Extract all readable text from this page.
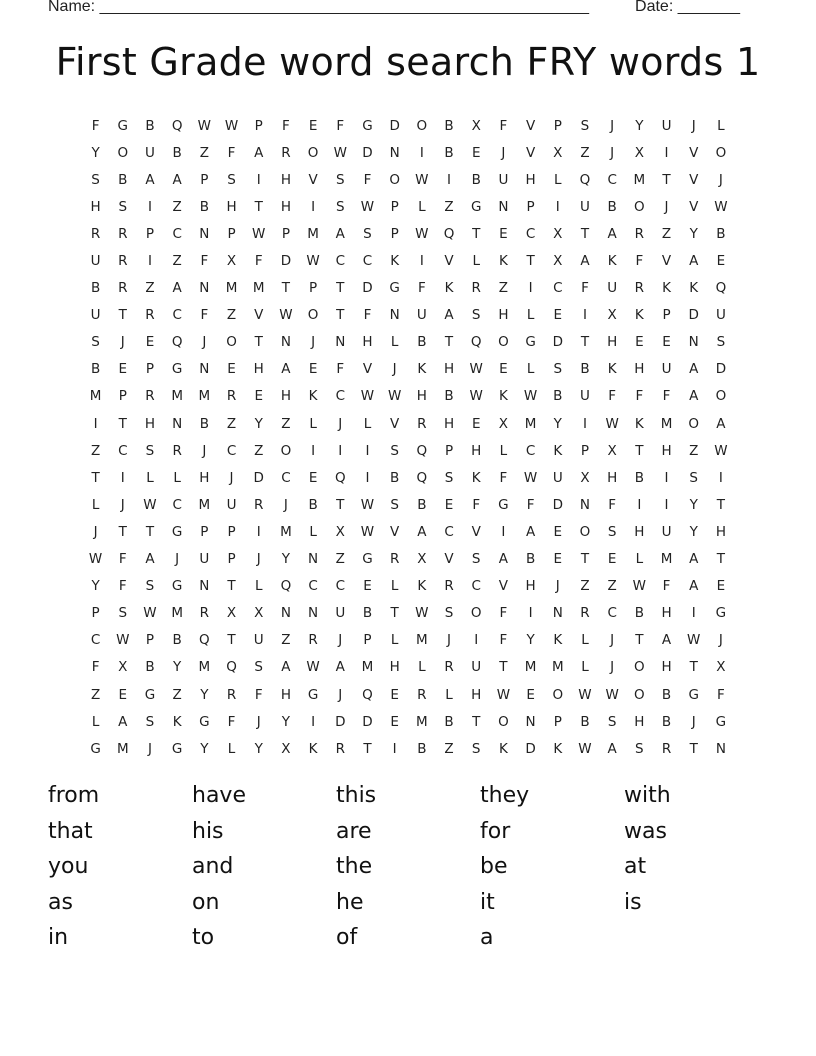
Name: _______________________________________________________	Date: _______
First Grade word search FRY words 1
F	G	B	Q	W	W	P	F	E	F	G	D	O	B	X	F	V	P	S	J	Y	U	J	L
Y	O	U	B	Z	F	A	R	O	W	D	N	I	B	E	J	V	X	Z	J	X	I	V	O
S	B	A	A	P	S	I	H	V	S	F	O	W	I	B	U	H	L	Q	C	M	T	V	J
H	S	I	Z	B	H	T	H	I	S	W	P	L	Z	G	N	P	I	U	B	O	J	V	W
R	R	P	C	N	P	W	P	M	A	S	P	W	Q	T	E	C	X	T	A	R	Z	Y	B
U	R	I	Z	F	X	F	D	W	C	C	K	I	V	L	K	T	X	A	K	F	V	A	E
B	R	Z	A	N	M	M	T	P	T	D	G	F	K	R	Z	I	C	F	U	R	K	K	Q
U	T	R	C	F	Z	V	W	O	T	F	N	U	A	S	H	L	E	I	X	K	P	D	U
S	J	E	Q	J	O	T	N	J	N	H	L	B	T	Q	O	G	D	T	H	E	E	N	S
B	E	P	G	N	E	H	A	E	F	V	J	K	H	W	E	L	S	B	K	H	U	A	D
M	P	R	M	M	R	E	H	K	C	W	W	H	B	W	K	W	B	U	F	F	F	A	O
I	T	H	N	B	Z	Y	Z	L	J	L	V	R	H	E	X	M	Y	I	W	K	M	O	A
Z	C	S	R	J	C	Z	O	I	I	I	S	Q	P	H	L	C	K	P	X	T	H	Z	W
T	I	L	L	H	J	D	C	E	Q	I	B	Q	S	K	F	W	U	X	H	B	I	S	I
L	J	W	C	M	U	R	J	B	T	W	S	B	E	F	G	F	D	N	F	I	I	Y	T
J	T	T	G	P	P	I	M	L	X	W	V	A	C	V	I	A	E	O	S	H	U	Y	H
W	F	A	J	U	P	J	Y	N	Z	G	R	X	V	S	A	B	E	T	E	L	M	A	T
Y	F	S	G	N	T	L	Q	C	C	E	L	K	R	C	V	H	J	Z	Z	W	F	A	E
P	S	W	M	R	X	X	N	N	U	B	T	W	S	O	F	I	N	R	C	B	H	I	G
C	W	P	B	Q	T	U	Z	R	J	P	L	M	J	I	F	Y	K	L	J	T	A	W	J
F	X	B	Y	M	Q	S	A	W	A	M	H	L	R	U	T	M	M	L	J	O	H	T	X
Z	E	G	Z	Y	R	F	H	G	J	Q	E	R	L	H	W	E	O	W	W	O	B	G	F
L	A	S	K	G	F	J	Y	I	D	D	E	M	B	T	O	N	P	B	S	H	B	J	G
G	M	J	G	Y	L	Y	X	K	R	T	I	B	Z	S	K	D	K	W	A	S	R	T	N
from	have	this	they	with
that	his	are	for	was
you	and	the	be	at
as	on	he	it	is
in	to	of	a
